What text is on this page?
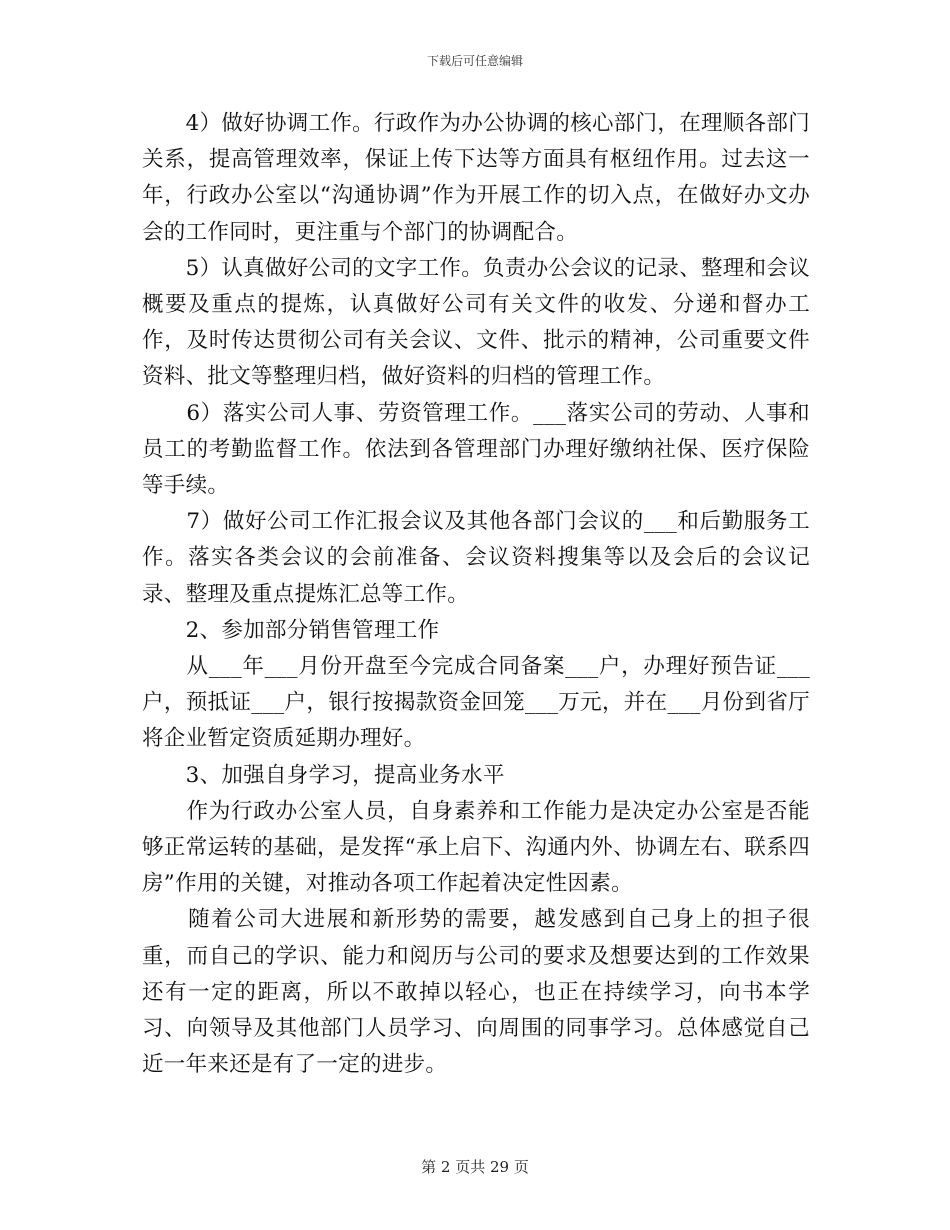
下载后可任意编辑

　　4）做好协调工作。行政作为办公协调的核心部门，在理顺各部门关系，提高管理效率，保证上传下达等方面具有枢纽作用。过去这一年，行政办公室以“沟通协调”作为开展工作的切入点，在做好办文办会的工作同时，更注重与个部门的协调配合。

　　5）认真做好公司的文字工作。负责办公会议的记录、整理和会议概要及重点的提炼，认真做好公司有关文件的收发、分递和督办工作，及时传达贯彻公司有关会议、文件、批示的精神，公司重要文件资料、批文等整理归档，做好资料的归档的管理工作。

　　6）落实公司人事、劳资管理工作。___落实公司的劳动、人事和员工的考勤监督工作。依法到各管理部门办理好缴纳社保、医疗保险等手续。

　　7）做好公司工作汇报会议及其他各部门会议的___和后勤服务工作。落实各类会议的会前准备、会议资料搜集等以及会后的会议记录、整理及重点提炼汇总等工作。

　　2、参加部分销售管理工作

　　从___年___月份开盘至今完成合同备案___户，办理好预告证___户，预抵证___户，银行按揭款资金回笼___万元，并在___月份到省厅将企业暂定资质延期办理好。

　　3、加强自身学习，提高业务水平

　　作为行政办公室人员，自身素养和工作能力是决定办公室是否能够正常运转的基础，是发挥“承上启下、沟通内外、协调左右、联系四房”作用的关键，对推动各项工作起着决定性因素。

　　随着公司大进展和新形势的需要，越发感到自己身上的担子很重，而自己的学识、能力和阅历与公司的要求及想要达到的工作效果还有一定的距离，所以不敢掉以轻心，也正在持续学习，向书本学习、向领导及其他部门人员学习、向周围的同事学习。总体感觉自己近一年来还是有了一定的进步。

第 2 页共 29 页
